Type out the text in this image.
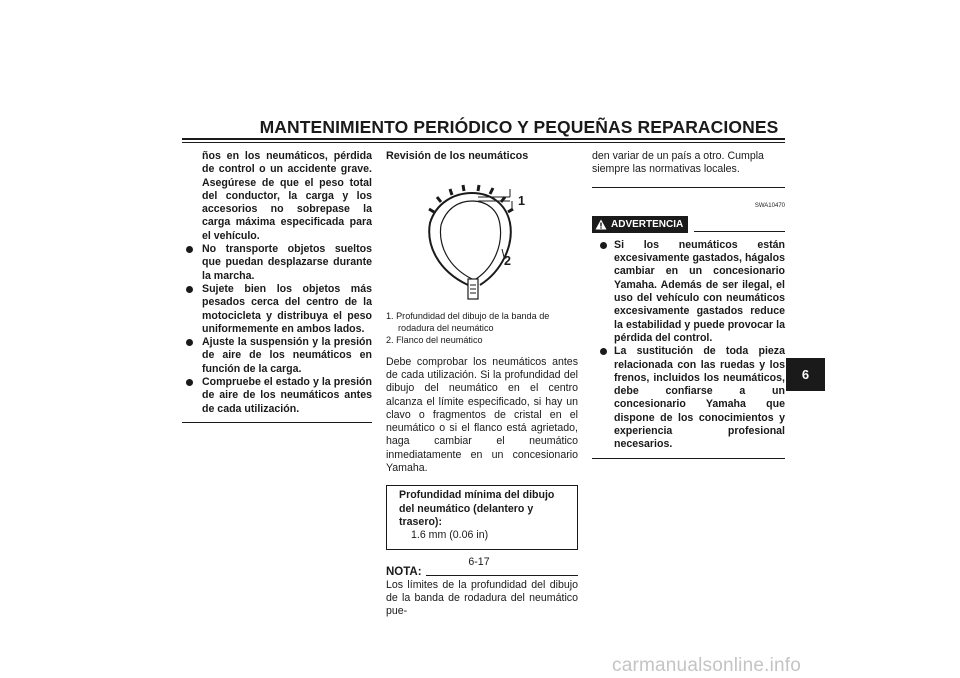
MANTENIMIENTO PERIÓDICO Y PEQUEÑAS REPARACIONES
ños en los neumáticos, pérdida de control o un accidente grave. Asegúrese de que el peso total del conductor, la carga y los accesorios no sobrepase la carga máxima especificada para el vehículo.
No transporte objetos sueltos que puedan desplazarse durante la marcha.
Sujete bien los objetos más pesados cerca del centro de la motocicleta y distribuya el peso uniformemente en ambos lados.
Ajuste la suspensión y la presión de aire de los neumáticos en función de la carga.
Compruebe el estado y la presión de aire de los neumáticos antes de cada utilización.
Revisión de los neumáticos
1
2
1. Profundidad del dibujo de la banda de rodadura del neumático
2. Flanco del neumático
Debe comprobar los neumáticos antes de cada utilización. Si la profundidad del dibujo del neumático en el centro alcanza el límite especificado, si hay un clavo o fragmentos de cristal en el neumático o si el flanco está agrietado, haga cambiar el neumático inmediatamente en un concesionario Yamaha.
Profundidad mínima del dibujo del neumático (delantero y trasero):
1.6 mm (0.06 in)
NOTA:
Los límites de la profundidad del dibujo de la banda de rodadura del neumático pue-
den variar de un país a otro. Cumpla siempre las normativas locales.
SWA10470
ADVERTENCIA
Si los neumáticos están excesivamente gastados, hágalos cambiar en un concesionario Yamaha. Además de ser ilegal, el uso del vehículo con neumáticos excesivamente gastados reduce la estabilidad y puede provocar la pérdida del control.
La sustitución de toda pieza relacionada con las ruedas y los frenos, incluidos los neumáticos, debe confiarse a un concesionario Yamaha que dispone de los conocimientos y experiencia profesional necesarios.
6
6-17
carmanualsonline.info
